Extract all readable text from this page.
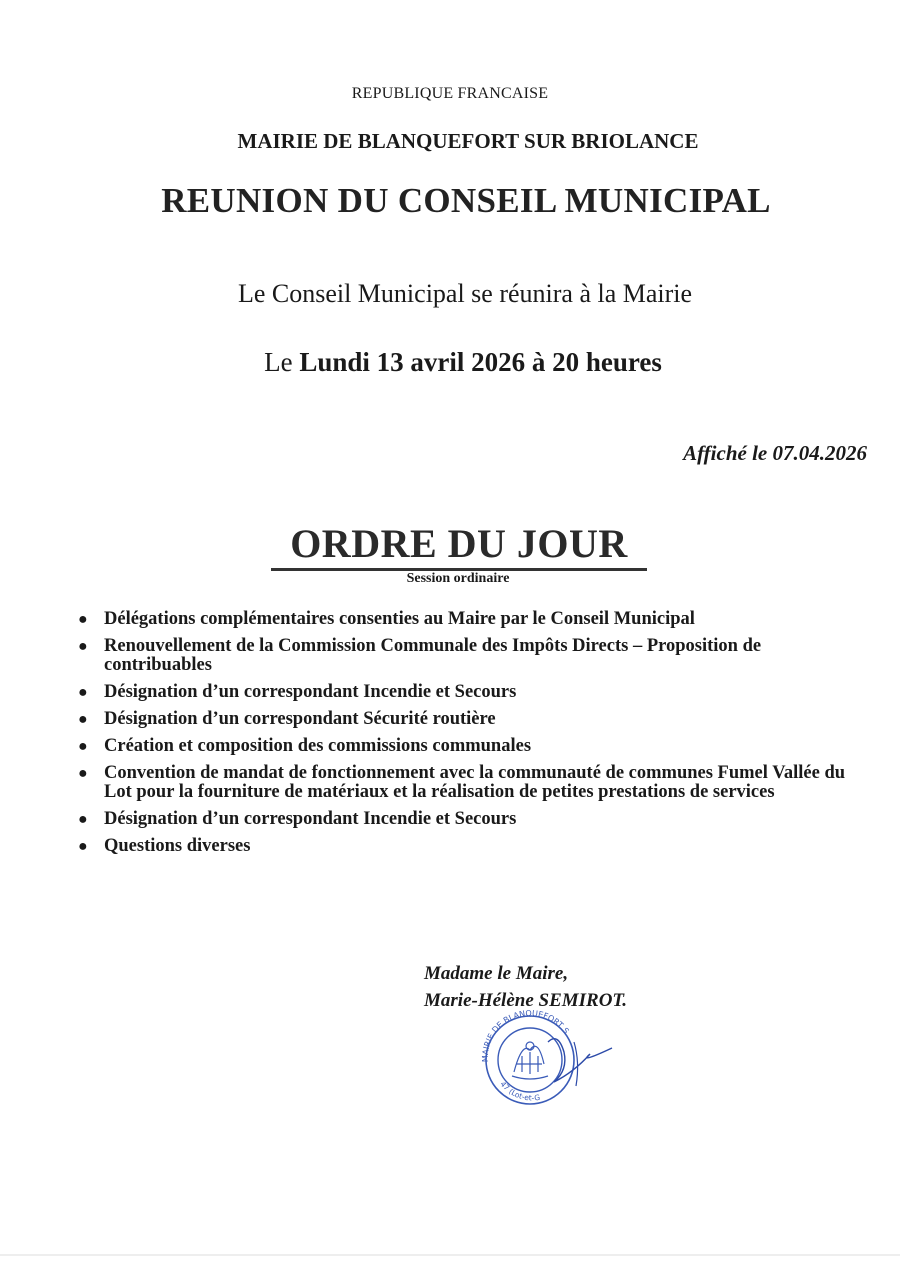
REPUBLIQUE FRANCAISE
MAIRIE DE BLANQUEFORT SUR BRIOLANCE
REUNION DU CONSEIL MUNICIPAL
Le Conseil Municipal se réunira à la Mairie
Le Lundi 13 avril 2026 à 20 heures
Affiché le 07.04.2026
ORDRE DU JOUR
Session ordinaire
● Délégations complémentaires consenties au Maire par le Conseil Municipal
● Renouvellement de la Commission Communale des Impôts Directs – Proposition de contribuables
● Désignation d’un correspondant Incendie et Secours
● Désignation d’un correspondant Sécurité routière
● Création et composition des commissions communales
● Convention de mandat de fonctionnement avec la communauté de communes Fumel Vallée du Lot pour la fourniture de matériaux et la réalisation de petites prestations de services
● Désignation d’un correspondant Incendie et Secours
● Questions diverses
Madame le Maire,
Marie-Hélène SEMIROT.
MAIRIE DE BLANQUEFORT S
47 (Lot-et-G
